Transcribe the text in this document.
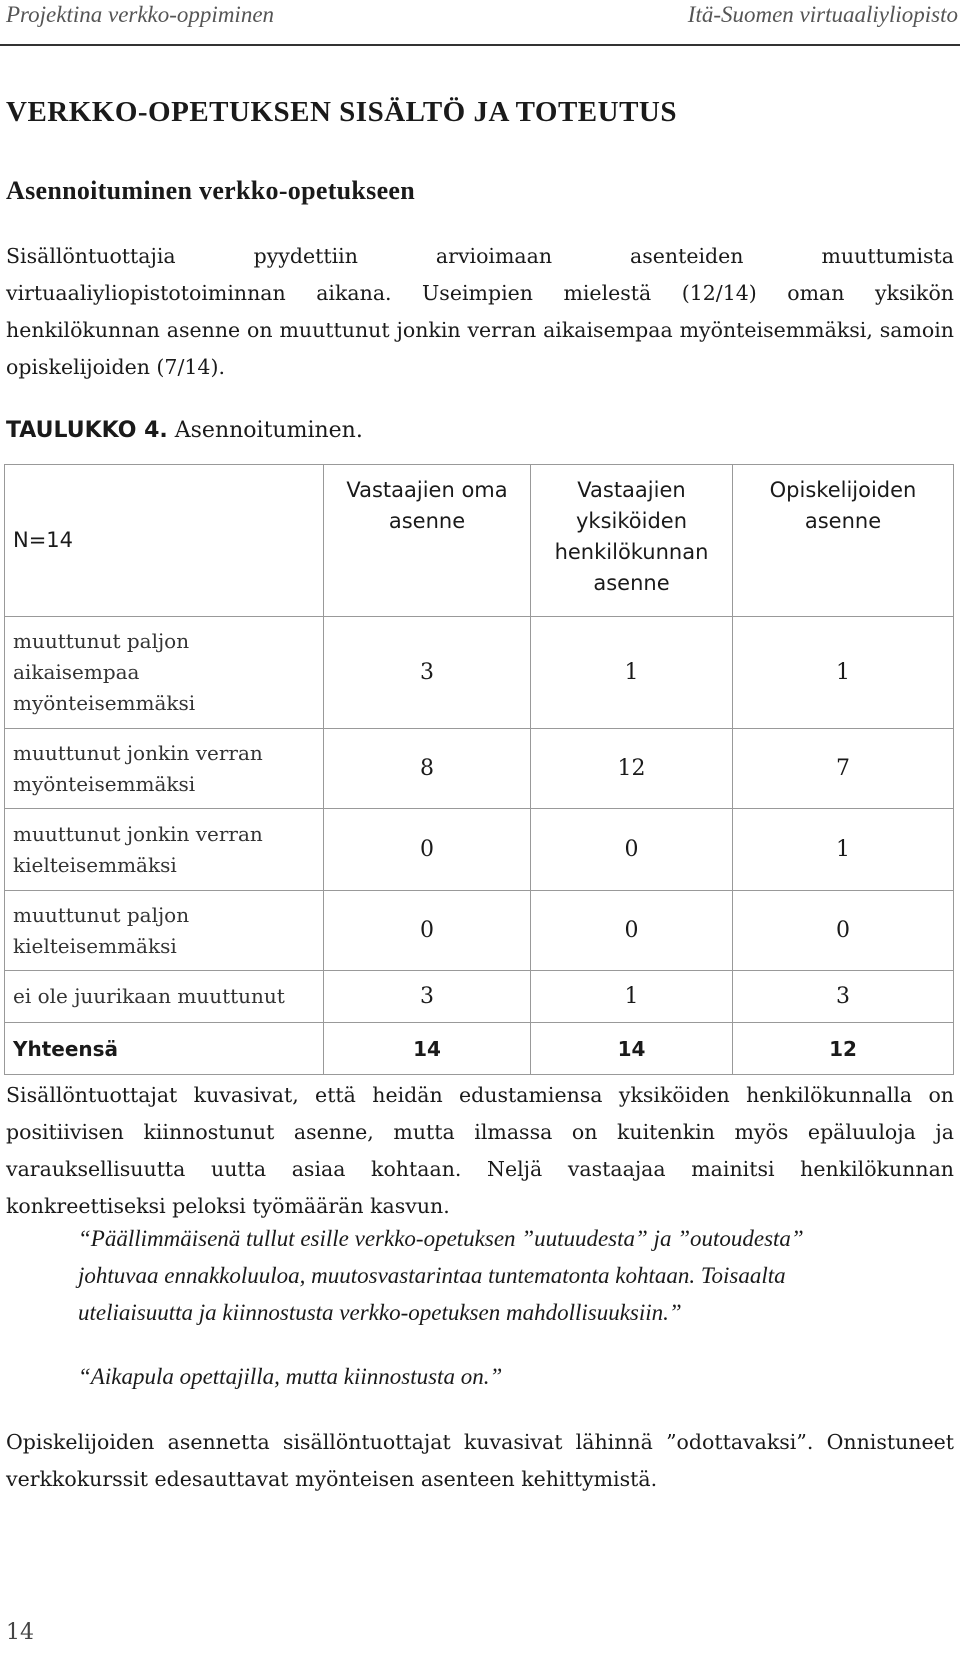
Projektina verkko-oppiminen	Itä-Suomen virtuaaliyliopisto
VERKKO-OPETUKSEN SISÄLTÖ JA TOTEUTUS
Asennoituminen verkko-opetukseen

Sisällöntuottajia pyydettiin arvioimaan asenteiden muuttumista virtuaaliyliopistotoiminnan aikana. Useimpien mielestä (12/14) oman yksikön henkilökunnan asenne on muuttunut jonkin verran aikaisempaa myönteisemmäksi, samoin opiskelijoiden (7/14).

TAULUKKO 4. Asennoituminen.
N=14	Vastaajien oma asenne	Vastaajien yksiköiden henkilökunnan asenne	Opiskelijoiden asenne
muuttunut paljon aikaisempaa myönteisemmäksi	3	1	1
muuttunut jonkin verran myönteisemmäksi	8	12	7
muuttunut jonkin verran kielteisemmäksi	0	0	1
muuttunut paljon kielteisemmäksi	0	0	0
ei ole juurikaan muuttunut	3	1	3
Yhteensä	14	14	12

Sisällöntuottajat kuvasivat, että heidän edustamiensa yksiköiden henkilökunnalla on positiivisen kiinnostunut asenne, mutta ilmassa on kuitenkin myös epäluuloja ja varauksellisuutta uutta asiaa kohtaan. Neljä vastaajaa mainitsi henkilökunnan konkreettiseksi peloksi työmäärän kasvun.

“Päällimmäisenä tullut esille verkko-opetuksen ”uutuudesta” ja ”outoudesta” johtuvaa ennakkoluuloa, muutosvastarintaa tuntematonta kohtaan. Toisaalta uteliaisuutta ja kiinnostusta verkko-opetuksen mahdollisuuksiin.”

“Aikapula opettajilla, mutta kiinnostusta on.”

Opiskelijoiden asennetta sisällöntuottajat kuvasivat lähinnä ”odottavaksi”. Onnistuneet verkkokurssit edesauttavat myönteisen asenteen kehittymistä.

14
